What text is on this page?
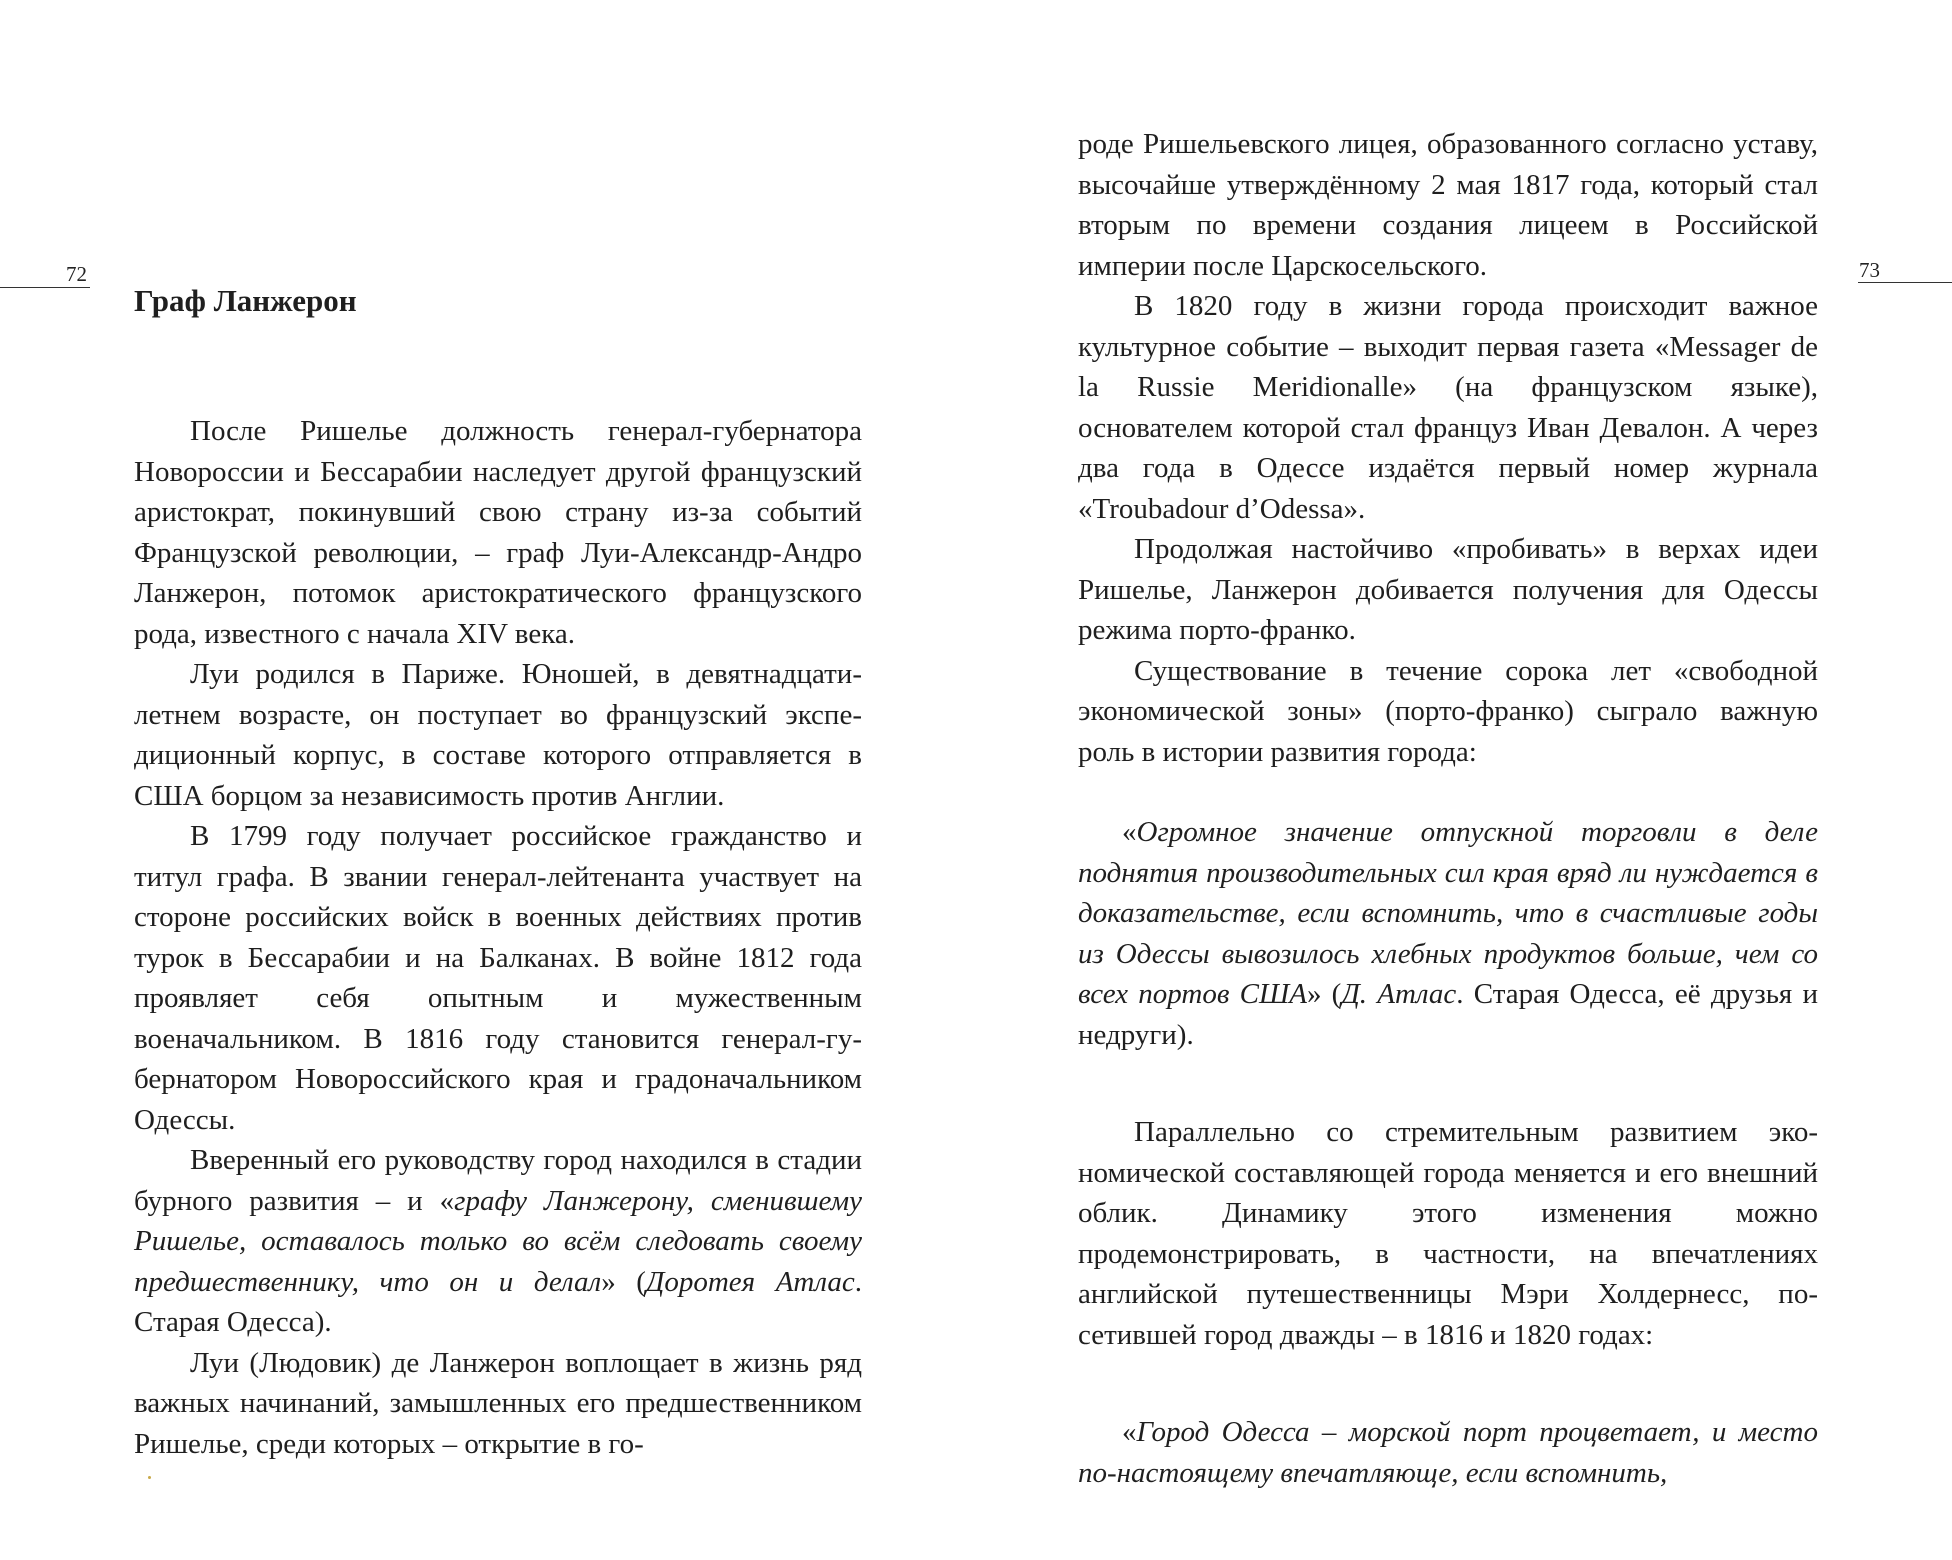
72
Граф Ланжерон

После Ришелье должность генерал-губернатора Новороссии и Бессарабии наследует другой французский аристократ, покинувший свою страну из-за событий Французской революции, – граф Луи-Александр-Андро Ланжерон, потомок аристократического французского рода, известного с начала XIV века.

Луи родился в Париже. Юношей, в девятнадцатилетнем возрасте, он поступает во французский экспедиционный корпус, в составе которого отправляется в США борцом за независимость против Англии.

В 1799 году получает российское гражданство и титул графа. В звании генерал-лейтенанта участвует на стороне российских войск в военных действиях против турок в Бессарабии и на Балканах. В войне 1812 года проявляет себя опытным и мужественным военачальником. В 1816 году становится генерал-губернатором Новороссийского края и градоначальником Одессы.

Вверенный его руководству город находился в стадии бурного развития – и «графу Ланжерону, сменившему Ришелье, оставалось только во всём следовать своему предшественнику, что он и делал» (Доротея Атлас. Старая Одесса).

Луи (Людовик) де Ланжерон воплощает в жизнь ряд важных начинаний, замышленных его предшественником Ришелье, среди которых – открытие в го-

73

роде Ришельевского лицея, образованного согласно уставу, высочайше утверждённому 2 мая 1817 года, который стал вторым по времени создания лицеем в Российской империи после Царскосельского.

В 1820 году в жизни города происходит важное культурное событие – выходит первая газета «Messager de la Russie Meridionalle» (на французском языке), основателем которой стал француз Иван Девалон. А через два года в Одессе издаётся первый номер журнала «Troubadour d’Odessa».

Продолжая настойчиво «пробивать» в верхах идеи Ришелье, Ланжерон добивается получения для Одессы режима порто-франко.

Существование в течение сорока лет «свободной экономической зоны» (порто-франко) сыграло важную роль в истории развития города:

«Огромное значение отпускной торговли в деле поднятия производительных сил края вряд ли нуждается в доказательстве, если вспомнить, что в счастливые годы из Одессы вывозилось хлебных продуктов больше, чем со всех портов США» (Д. Атлас. Старая Одесса, её друзья и недруги).

Параллельно со стремительным развитием экономической составляющей города меняется и его внешний облик. Динамику этого изменения можно продемонстрировать, в частности, на впечатлениях английской путешественницы Мэри Холдернесс, посетившей город дважды – в 1816 и 1820 годах:

«Город Одесса – морской порт процветает, и место по-настоящему впечатляюще, если вспомнить,
